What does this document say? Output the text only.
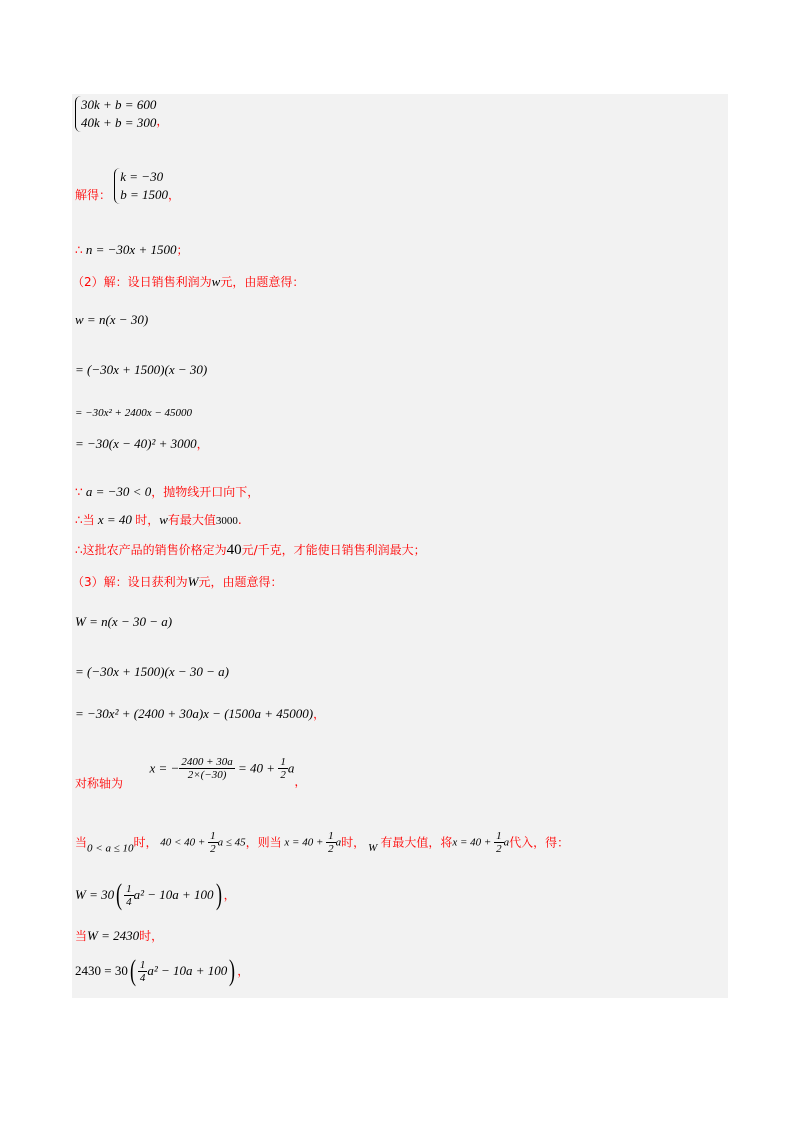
30k + b = 600
40k + b = 300 ，
解得：
k = −30
b = 1500 ，
∴ n = −30x + 1500；
（2）解：设日销售利润为w元，由题意得：
w = n(x − 30)
= (−30x + 1500)(x − 30)
= −30x² + 2400x − 45000
= −30(x − 40)² + 3000，
∵ a = −30 < 0，抛物线开口向下，
∴当 x = 40 时，w有最大值3000.
∴这批农产品的销售价格定为40元/千克，才能使日销售利润最大；
（3）解：设日获利为W元，由题意得：
W = n(x − 30 − a)
= (−30x + 1500)(x − 30 − a)
= −30x² + (2400 + 30a)x − (1500a + 45000)，
对称轴为  x = − $\frac{2400 + 30a}{2\times(-30)} = 40 + \frac{1}{2}$ a，
当$_{0 < a \le 10}$时， $40 < 40 + \frac{1}{2}$ a ≤ 45，则当 $x = 40 + \frac{1}{2}$ a时， $_W$ 有最大值，将$x = 40 + \frac{1}{2}$ a代入，得：
$W = 30( \frac{1}{4} a^2 - 10a + 100)$ ，
当W = 2430时，
$2430 = 30( \frac{1}{4} a^2 - 10a + 100)$ ，
